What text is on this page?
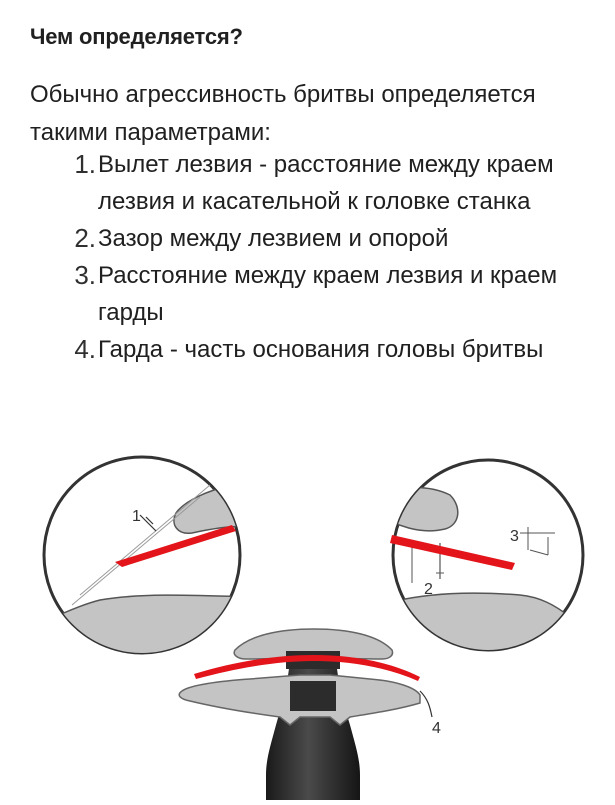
Чем определяется?

Обычно агрессивность бритвы определяется такими параметрами:

1. Вылет лезвия - расстояние между краем лезвия и касательной к головке станка
2. Зазор между лезвием и опорой
3. Расстояние между краем лезвия и краем гарды
4. Гарда - часть основания головы бритвы
1
2
3
4
